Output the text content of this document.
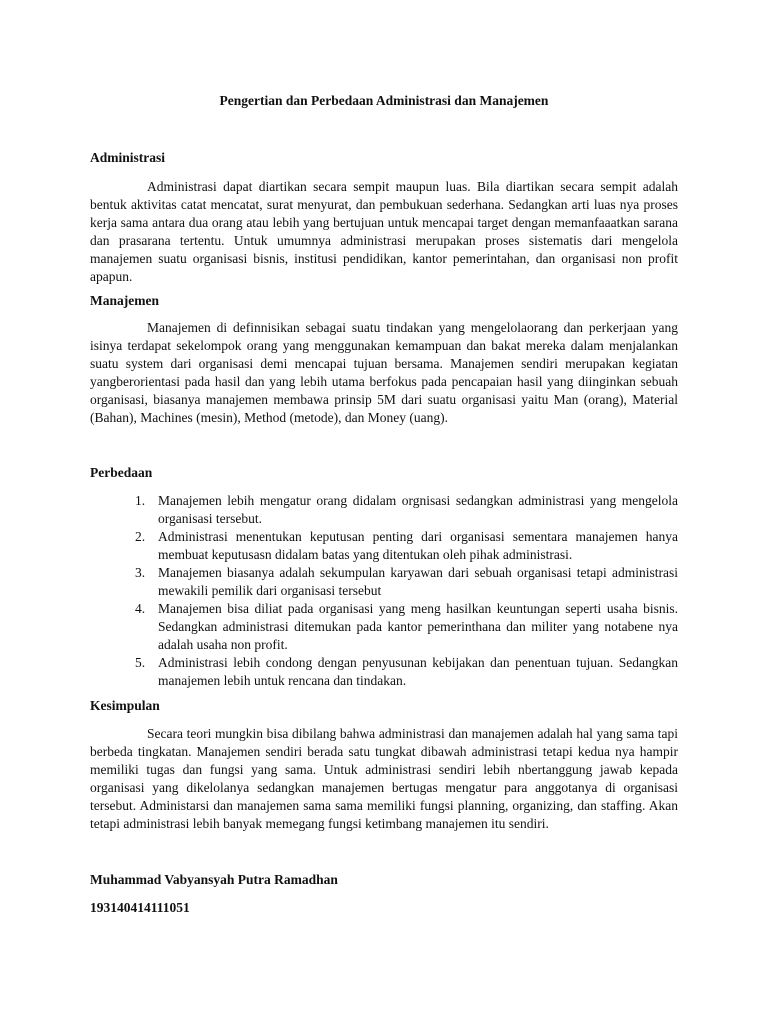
Pengertian dan Perbedaan Administrasi dan Manajemen
Administrasi

Administrasi dapat diartikan secara sempit maupun luas. Bila diartikan secara sempit adalah bentuk aktivitas catat mencatat, surat menyurat, dan pembukuan sederhana. Sedangkan arti luas nya proses kerja sama antara dua orang atau lebih yang bertujuan untuk mencapai target dengan memanfaaatkan sarana dan prasarana tertentu. Untuk umumnya administrasi merupakan proses sistematis dari mengelola manajemen suatu organisasi bisnis, institusi pendidikan, kantor pemerintahan, dan organisasi non profit apapun.

Manajemen

Manajemen di definnisikan sebagai suatu tindakan yang mengelolaorang dan perkerjaan yang isinya terdapat sekelompok orang yang menggunakan kemampuan dan bakat mereka dalam menjalankan suatu system dari organisasi demi mencapai tujuan bersama. Manajemen sendiri merupakan kegiatan yangberorientasi pada hasil dan yang lebih utama berfokus pada pencapaian hasil yang diinginkan sebuah organisasi, biasanya manajemen membawa prinsip 5M dari suatu organisasi yaitu Man (orang), Material (Bahan), Machines (mesin), Method (metode), dan Money (uang).

Perbedaan
1. Manajemen lebih mengatur orang didalam orgnisasi sedangkan administrasi yang mengelola organisasi tersebut.
2. Administrasi menentukan keputusan penting dari organisasi sementara manajemen hanya membuat keputusasn didalam batas yang ditentukan oleh pihak administrasi.
3. Manajemen biasanya adalah sekumpulan karyawan dari sebuah organisasi tetapi administrasi mewakili pemilik dari organisasi tersebut
4. Manajemen bisa diliat pada organisasi yang meng hasilkan keuntungan seperti usaha bisnis. Sedangkan administrasi ditemukan pada kantor pemerinthana dan militer yang notabene nya adalah usaha non profit.
5. Administrasi lebih condong dengan penyusunan kebijakan dan penentuan tujuan. Sedangkan manajemen lebih untuk rencana dan tindakan.
Kesimpulan

Secara teori mungkin bisa dibilang bahwa administrasi dan manajemen adalah hal yang sama tapi berbeda tingkatan. Manajemen sendiri berada satu tungkat dibawah administrasi tetapi kedua nya hampir memiliki tugas dan fungsi yang sama. Untuk administrasi sendiri lebih nbertanggung jawab kepada organisasi yang dikelolanya sedangkan manajemen bertugas mengatur para anggotanya di organisasi tersebut. Administarsi dan manajemen sama sama memiliki fungsi planning, organizing, dan staffing. Akan tetapi administrasi lebih banyak memegang fungsi ketimbang manajemen itu sendiri.

Muhammad Vabyansyah Putra Ramadhan
193140414111051
